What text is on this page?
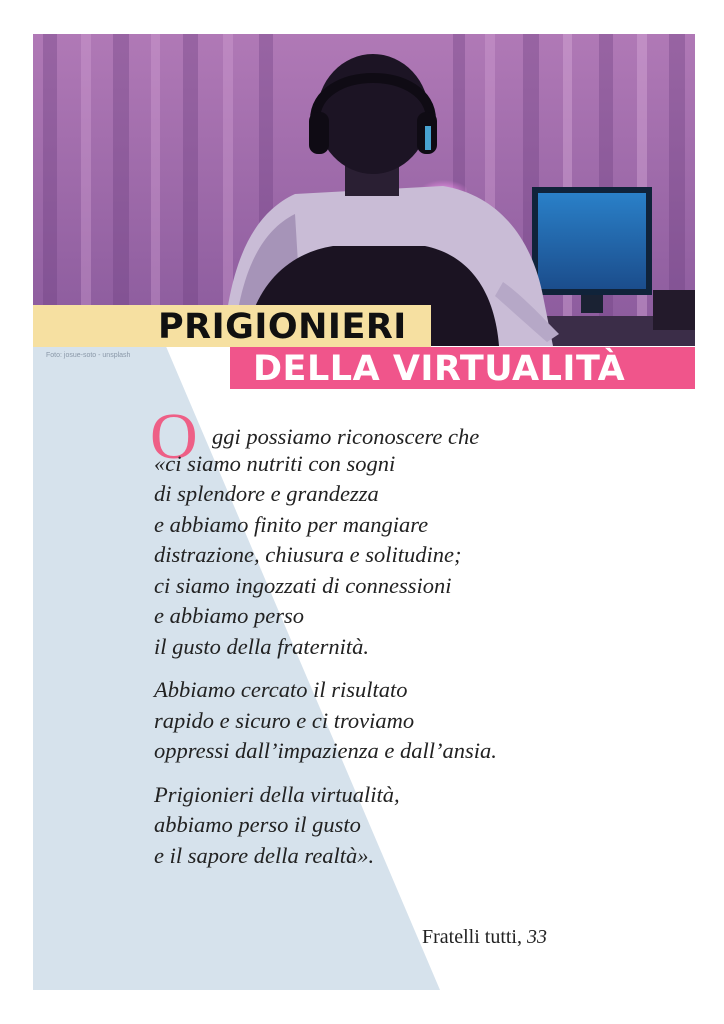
PRIGIONIERI
DELLA VIRTUALITÀ
Foto: josue-soto - unsplash
O ggi possiamo riconoscere che
«ci siamo nutriti con sogni
di splendore e grandezza
e abbiamo finito per mangiare
distrazione, chiusura e solitudine;
ci siamo ingozzati di connessioni
e abbiamo perso
il gusto della fraternità.
Abbiamo cercato il risultato
rapido e sicuro e ci troviamo
oppressi dall’impazienza e dall’ansia.
Prigionieri della virtualità,
abbiamo perso il gusto
e il sapore della realtà».
Fratelli tutti, 33
